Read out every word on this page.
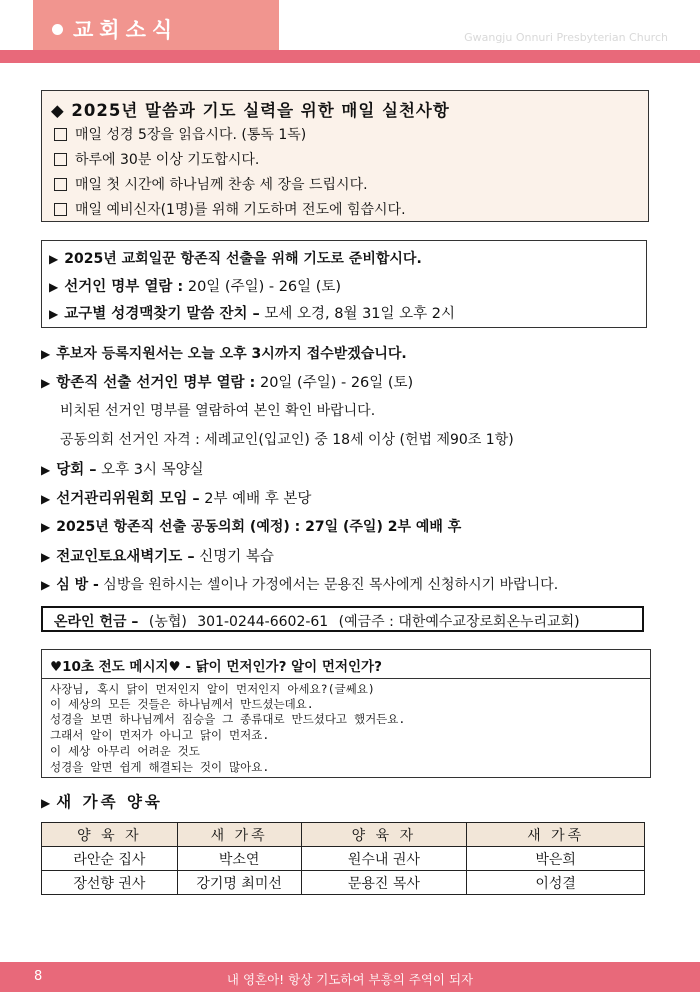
교회소식	Gwangju Onnuri Presbyterian Church
◆ 2025년 말씀과 기도 실력을 위한 매일 실천사항
매일 성경 5장을 읽읍시다. (통독 1독)
하루에 30분 이상 기도합시다.
매일 첫 시간에 하나님께 찬송 세 장을 드립시다.
매일 예비신자(1명)를 위해 기도하며 전도에 힘씁시다.
▶ 2025년 교회일꾼 항존직 선출을 위해 기도로 준비합시다.
▶ 선거인 명부 열람 : 20일 (주일) - 26일 (토)
▶ 교구별 성경맥찾기 말씀 잔치 – 모세 오경, 8월 31일 오후 2시
▶ 후보자 등록지원서는 오늘 오후 3시까지 접수받겠습니다.
▶ 항존직 선출 선거인 명부 열람 : 20일 (주일) - 26일 (토)
비치된 선거인 명부를 열람하여 본인 확인 바랍니다.
공동의회 선거인 자격 : 세례교인(입교인) 중 18세 이상 (헌법 제90조 1항)
▶ 당회 – 오후 3시 목양실
▶ 선거관리위원회 모임 – 2부 예배 후 본당
▶ 2025년 항존직 선출 공동의회 (예정) : 27일 (주일) 2부 예배 후
▶ 전교인토요새벽기도 – 신명기 복습
▶ 심 방 - 심방을 원하시는 셀이나 가정에서는 문용진 목사에게 신청하시기 바랍니다.
온라인 헌금 – (농협) 301-0244-6602-61 (예금주 : 대한예수교장로회온누리교회)
♥10초 전도 메시지♥ - 닭이 먼저인가? 알이 먼저인가?
사장님, 혹시 닭이 먼저인지 알이 먼저인지 아세요?(글쎄요)
이 세상의 모든 것들은 하나님께서 만드셨는데요.
성경을 보면 하나님께서 짐승을 그 종류대로 만드셨다고 했거든요.
그래서 알이 먼저가 아니고 닭이 먼저죠.
이 세상 아무리 어려운 것도
성경을 알면 쉽게 해결되는 것이 많아요.
▶ 새 가족 양육
양 육 자	새 가족	양 육 자	새 가족
라안순 집사	박소연	원수내 권사	박은희
장선향 권사	강기명 최미선	문용진 목사	이성결
8	내 영혼아! 항상 기도하여 부흥의 주역이 되자
